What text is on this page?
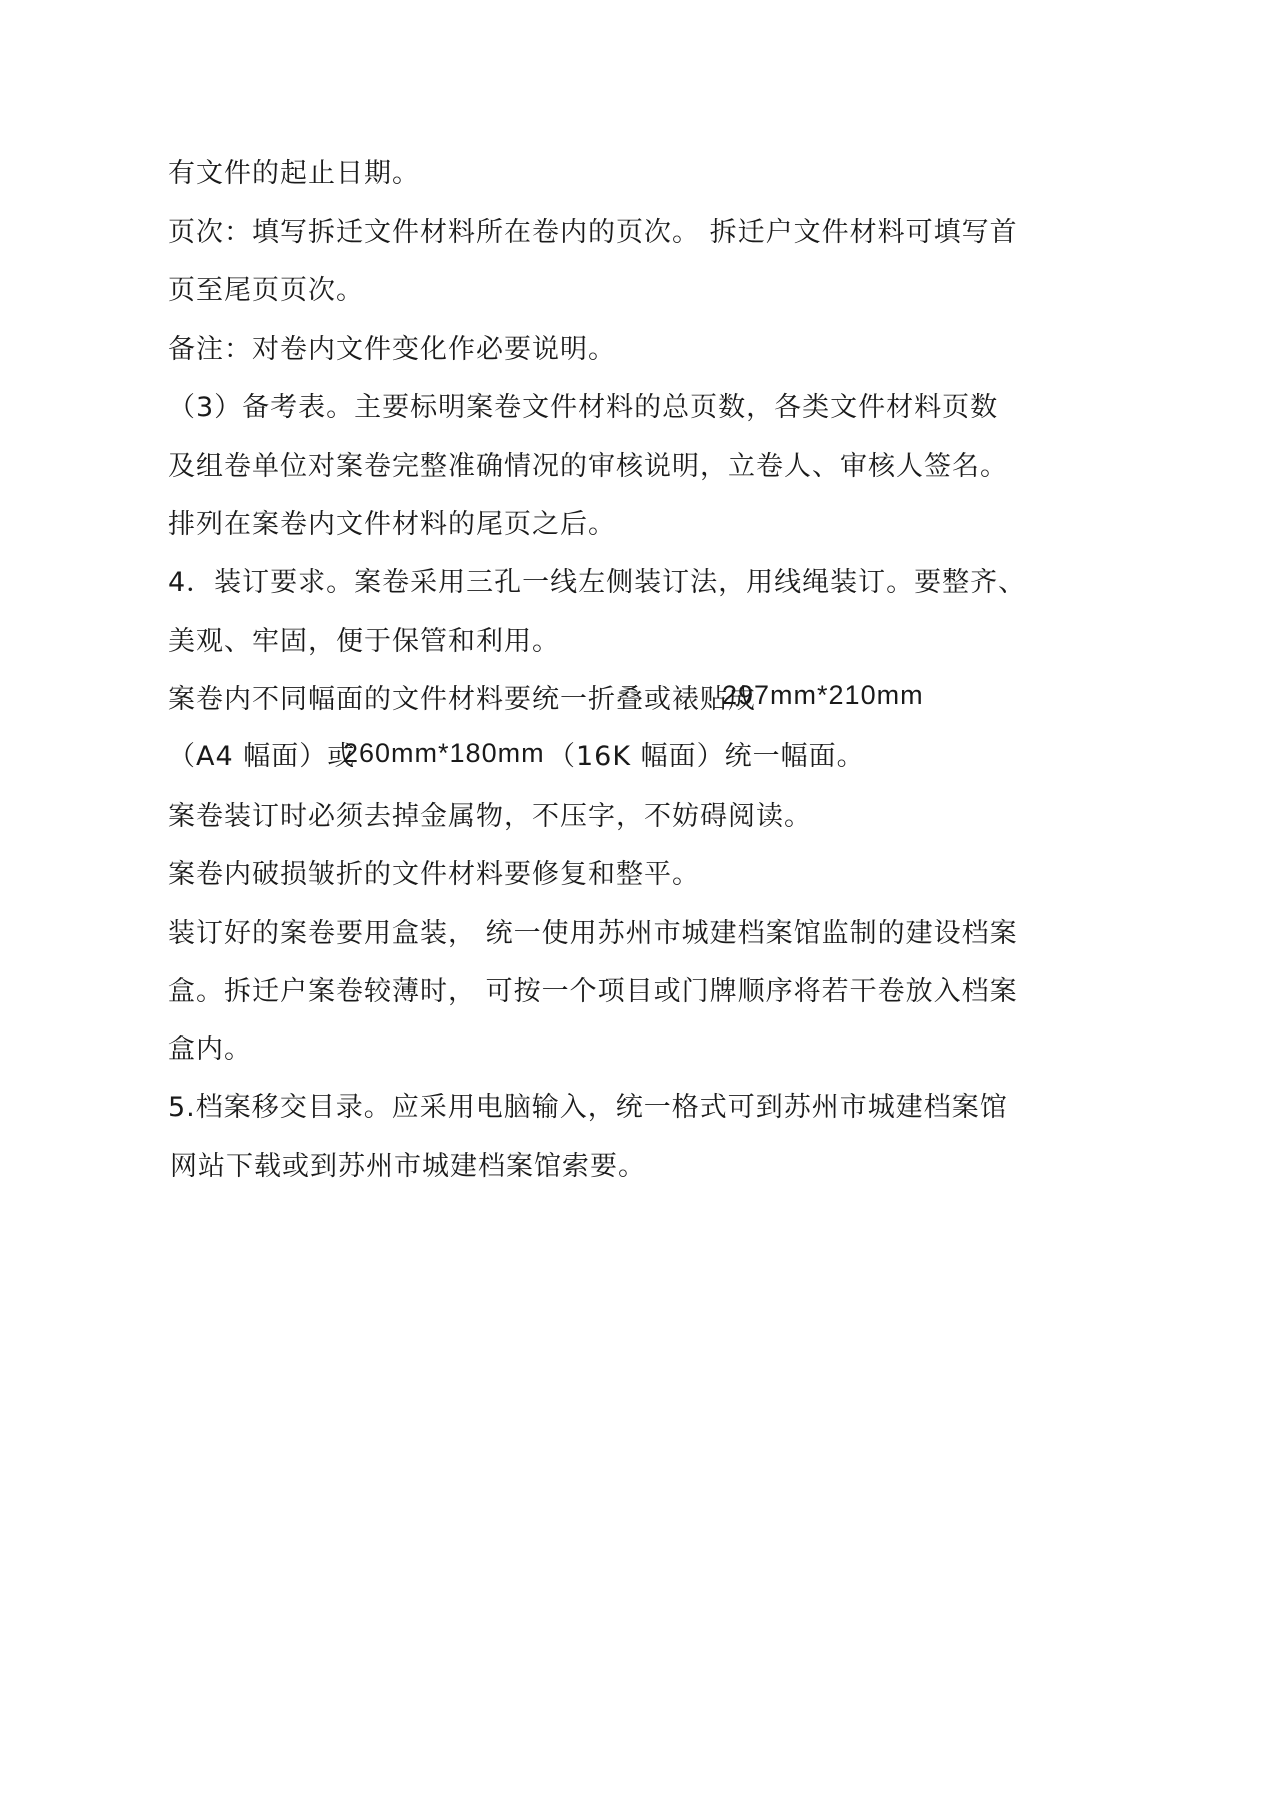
有文件的起止日期。
页次：填写拆迁文件材料所在卷内的页次。 拆迁户文件材料可填写首
页至尾页页次。
备注：对卷内文件变化作必要说明。
（3）备考表。主要标明案卷文件材料的总页数，各类文件材料页数
及组卷单位对案卷完整准确情况的审核说明，立卷人、审核人签名。
排列在案卷内文件材料的尾页之后。
4．装订要求。案卷采用三孔一线左侧装订法，用线绳装订。要整齐、
美观、牢固，便于保管和利用。
案卷内不同幅面的文件材料要统一折叠或裱贴成
297mm*210mm
（A4 幅面）或
260mm*180mm （16K 幅面）统一幅面。
案卷装订时必须去掉金属物，不压字，不妨碍阅读。
案卷内破损皱折的文件材料要修复和整平。
装订好的案卷要用盒装， 统一使用苏州市城建档案馆监制的建设档案
盒。拆迁户案卷较薄时， 可按一个项目或门牌顺序将若干卷放入档案
盒内。
5.档案移交目录。应采用电脑输入，统一格式可到苏州市城建档案馆
网站下载或到苏州市城建档案馆索要。
